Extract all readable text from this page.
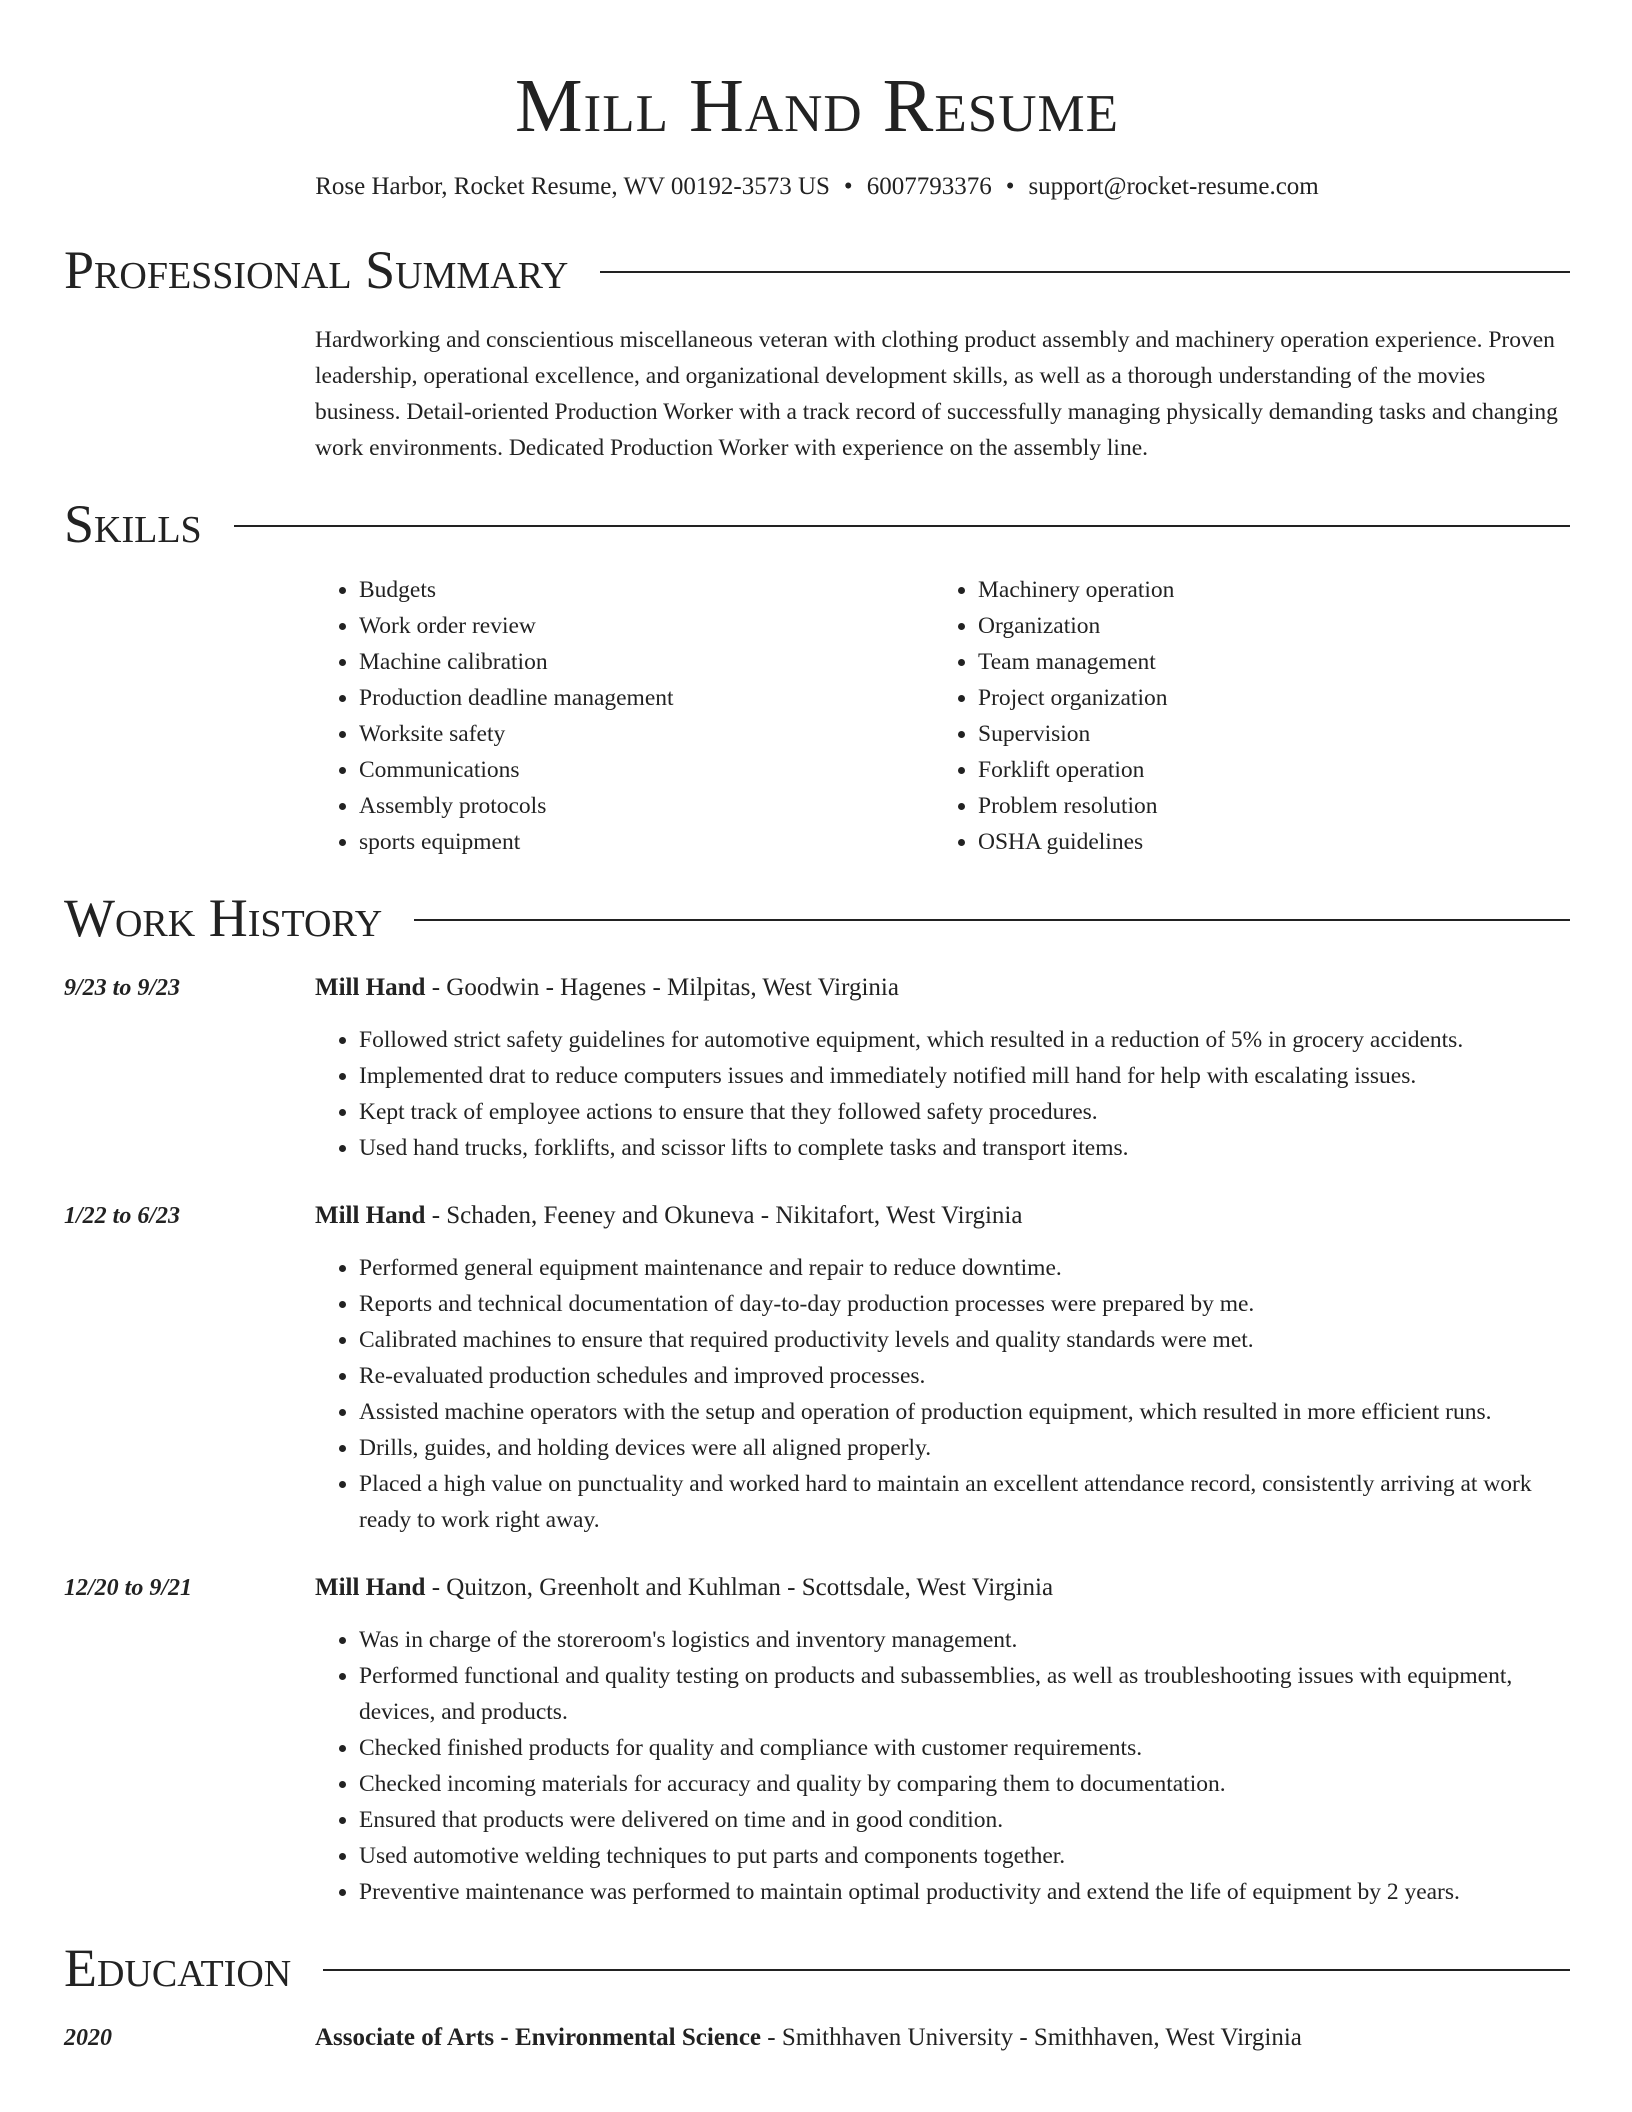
Mill Hand Resume
Rose Harbor, Rocket Resume, WV 00192-3573 US • 6007793376 • support@rocket-resume.com
Professional Summary
Hardworking and conscientious miscellaneous veteran with clothing product assembly and machinery operation experience. Proven leadership, operational excellence, and organizational development skills, as well as a thorough understanding of the movies business. Detail-oriented Production Worker with a track record of successfully managing physically demanding tasks and changing work environments. Dedicated Production Worker with experience on the assembly line.
Skills
• Budgets
• Work order review
• Machine calibration
• Production deadline management
• Worksite safety
• Communications
• Assembly protocols
• sports equipment
• Machinery operation
• Organization
• Team management
• Project organization
• Supervision
• Forklift operation
• Problem resolution
• OSHA guidelines
Work History
9/23 to 9/23	Mill Hand - Goodwin - Hagenes - Milpitas, West Virginia
• Followed strict safety guidelines for automotive equipment, which resulted in a reduction of 5% in grocery accidents.
• Implemented drat to reduce computers issues and immediately notified mill hand for help with escalating issues.
• Kept track of employee actions to ensure that they followed safety procedures.
• Used hand trucks, forklifts, and scissor lifts to complete tasks and transport items.
1/22 to 6/23	Mill Hand - Schaden, Feeney and Okuneva - Nikitafort, West Virginia
• Performed general equipment maintenance and repair to reduce downtime.
• Reports and technical documentation of day-to-day production processes were prepared by me.
• Calibrated machines to ensure that required productivity levels and quality standards were met.
• Re-evaluated production schedules and improved processes.
• Assisted machine operators with the setup and operation of production equipment, which resulted in more efficient runs.
• Drills, guides, and holding devices were all aligned properly.
• Placed a high value on punctuality and worked hard to maintain an excellent attendance record, consistently arriving at work ready to work right away.
12/20 to 9/21	Mill Hand - Quitzon, Greenholt and Kuhlman - Scottsdale, West Virginia
• Was in charge of the storeroom's logistics and inventory management.
• Performed functional and quality testing on products and subassemblies, as well as troubleshooting issues with equipment, devices, and products.
• Checked finished products for quality and compliance with customer requirements.
• Checked incoming materials for accuracy and quality by comparing them to documentation.
• Ensured that products were delivered on time and in good condition.
• Used automotive welding techniques to put parts and components together.
• Preventive maintenance was performed to maintain optimal productivity and extend the life of equipment by 2 years.
Education
2020	Associate of Arts - Environmental Science - Smithhaven University - Smithhaven, West Virginia
